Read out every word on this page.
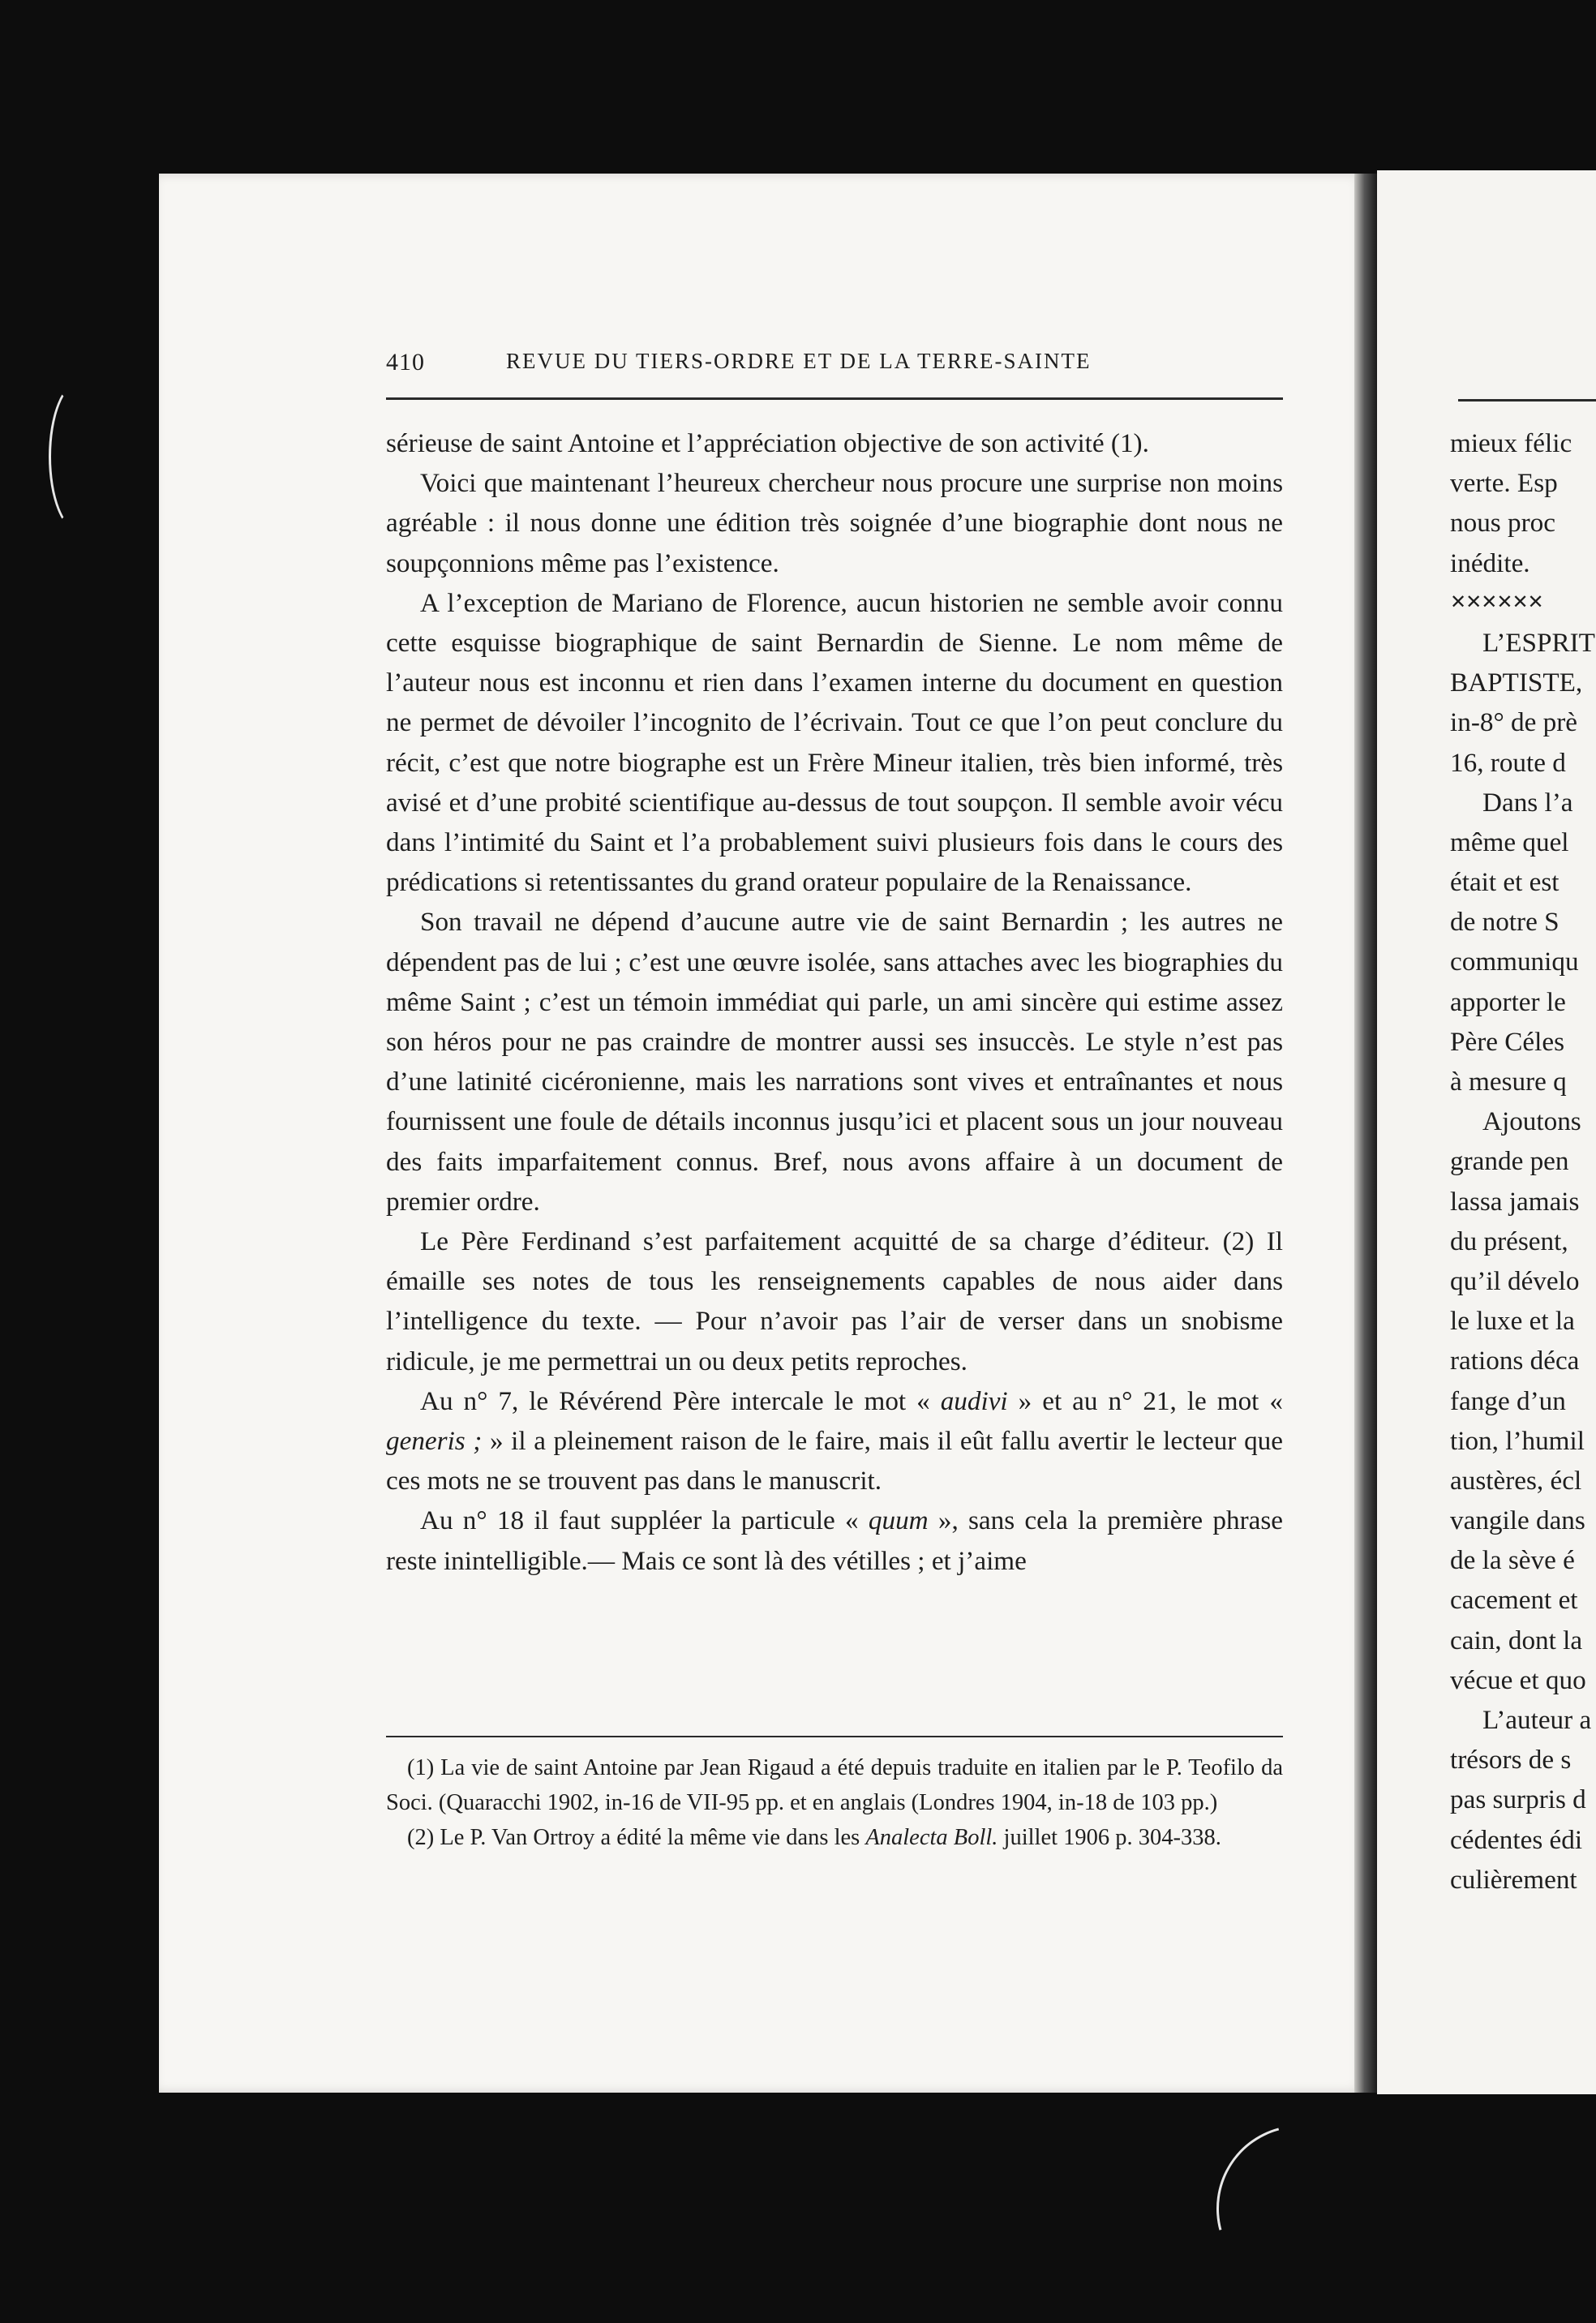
mieux félic
verte. Esp
nous proc
inédite.
✕✕✕✕✕✕
L’ESPRIT
BAPTISTE,
in-8° de prè
16, route d
Dans l’a
même quel
était et est
de notre S
communiqu
apporter le
Père Céles
à mesure q
Ajoutons
grande pen
lassa jamais
du présent,
qu’il dévelo
le luxe et la
rations déca
fange d’un
tion, l’humil
austères, écl
vangile dans
de la sève é
cacement et
cain, dont la
vécue et quo
L’auteur a
trésors de s
pas surpris d
cédentes édi
culièrement
410	REVUE DU TIERS-ORDRE ET DE LA TERRE-SAINTE

sérieuse de saint Antoine et l’appréciation objective de son activité (1).

Voici que maintenant l’heureux chercheur nous procure une surprise non moins agréable : il nous donne une édition très soignée d’une biographie dont nous ne soupçonnions même pas l’existence.

A l’exception de Mariano de Florence, aucun historien ne semble avoir connu cette esquisse biographique de saint Bernardin de Sienne. Le nom même de l’auteur nous est inconnu et rien dans l’examen interne du document en question ne permet de dévoiler l’incognito de l’écrivain. Tout ce que l’on peut conclure du récit, c’est que notre biographe est un Frère Mineur italien, très bien informé, très avisé et d’une probité scientifique au-dessus de tout soupçon. Il semble avoir vécu dans l’intimité du Saint et l’a probablement suivi plusieurs fois dans le cours des prédications si retentissantes du grand orateur populaire de la Renaissance.

Son travail ne dépend d’aucune autre vie de saint Bernardin ; les autres ne dépendent pas de lui ; c’est une œuvre isolée, sans attaches avec les biographies du même Saint ; c’est un témoin immédiat qui parle, un ami sincère qui estime assez son héros pour ne pas craindre de montrer aussi ses insuccès. Le style n’est pas d’une latinité cicéronienne, mais les narrations sont vives et entraînantes et nous fournissent une foule de détails inconnus jusqu’ici et placent sous un jour nouveau des faits imparfaitement connus. Bref, nous avons affaire à un document de premier ordre.

Le Père Ferdinand s’est parfaitement acquitté de sa charge d’éditeur. (2) Il émaille ses notes de tous les renseignements capables de nous aider dans l’intelligence du texte. — Pour n’avoir pas l’air de verser dans un snobisme ridicule, je me permettrai un ou deux petits reproches.

Au n° 7, le Révérend Père intercale le mot « audivi » et au n° 21, le mot « generis ; » il a pleinement raison de le faire, mais il eût fallu avertir le lecteur que ces mots ne se trouvent pas dans le manuscrit.

Au n° 18 il faut suppléer la particule « quum », sans cela la première phrase reste inintelligible.— Mais ce sont là des vétilles ; et j’aime

(1) La vie de saint Antoine par Jean Rigaud a été depuis traduite en italien par le P. Teofilo da Soci. (Quaracchi 1902, in-16 de VII-95 pp. et en anglais (Londres 1904, in-18 de 103 pp.)

(2) Le P. Van Ortroy a édité la même vie dans les Analecta Boll. juillet 1906 p. 304-338.
